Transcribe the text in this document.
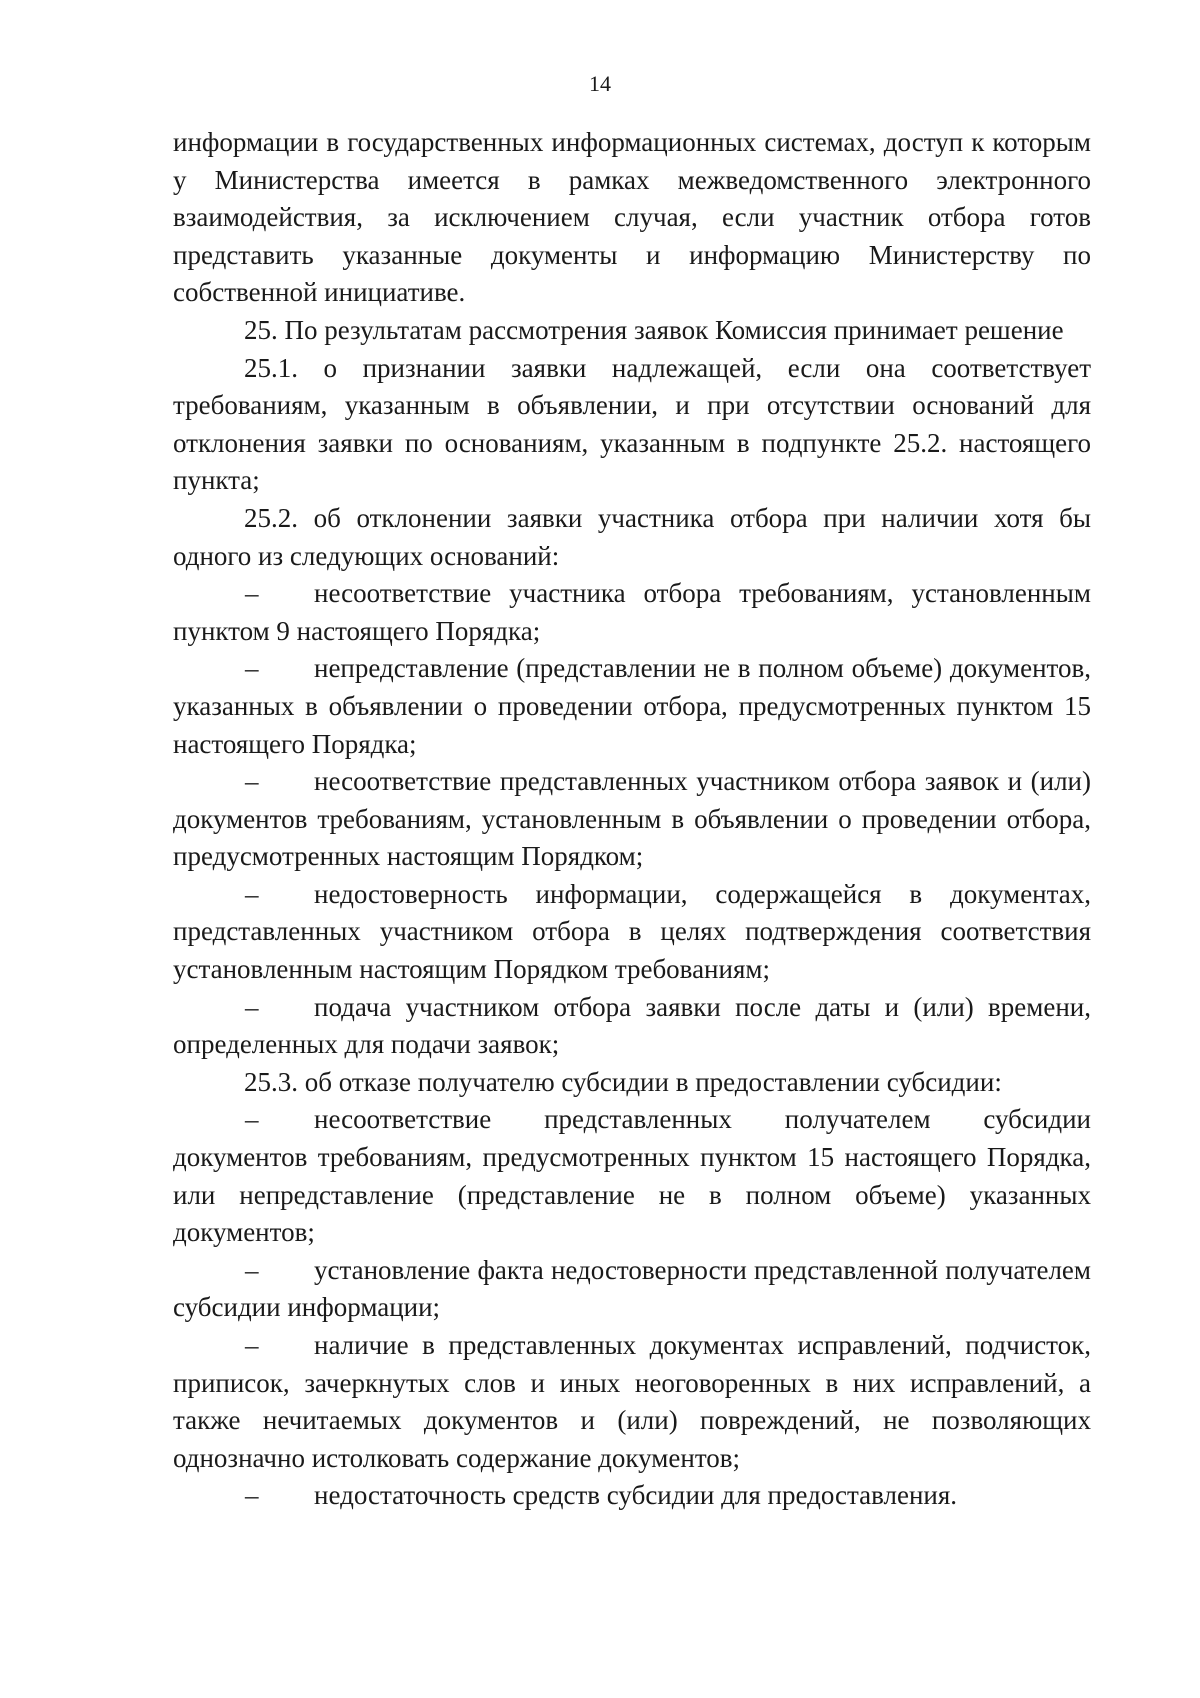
14

информации в государственных информационных системах, доступ к которым у Министерства имеется в рамках межведомственного электронного взаимодействия, за исключением случая, если участник отбора готов представить указанные документы и информацию Министерству по собственной инициативе.

25. По результатам рассмотрения заявок Комиссия принимает решение

25.1. о признании заявки надлежащей, если она соответствует требованиям, указанным в объявлении, и при отсутствии оснований для отклонения заявки по основаниям, указанным в подпункте 25.2. настоящего пункта;

25.2. об отклонении заявки участника отбора при наличии хотя бы одного из следующих оснований:

– несоответствие участника отбора требованиям, установленным пунктом 9 настоящего Порядка;

– непредставление (представлении не в полном объеме) документов, указанных в объявлении о проведении отбора, предусмотренных пунктом 15 настоящего Порядка;

– несоответствие представленных участником отбора заявок и (или) документов требованиям, установленным в объявлении о проведении отбора, предусмотренных настоящим Порядком;

– недостоверность информации, содержащейся в документах, представленных участником отбора в целях подтверждения соответствия установленным настоящим Порядком требованиям;

– подача участником отбора заявки после даты и (или) времени, определенных для подачи заявок;

25.3. об отказе получателю субсидии в предоставлении субсидии:

– несоответствие представленных получателем субсидии документов требованиям, предусмотренных пунктом 15 настоящего Порядка, или непредставление (представление не в полном объеме) указанных документов;

– установление факта недостоверности представленной получателем субсидии информации;

– наличие в представленных документах исправлений, подчисток, приписок, зачеркнутых слов и иных неоговоренных в них исправлений, а также нечитаемых документов и (или) повреждений, не позволяющих однозначно истолковать содержание документов;

– недостаточность средств субсидии для предоставления.
